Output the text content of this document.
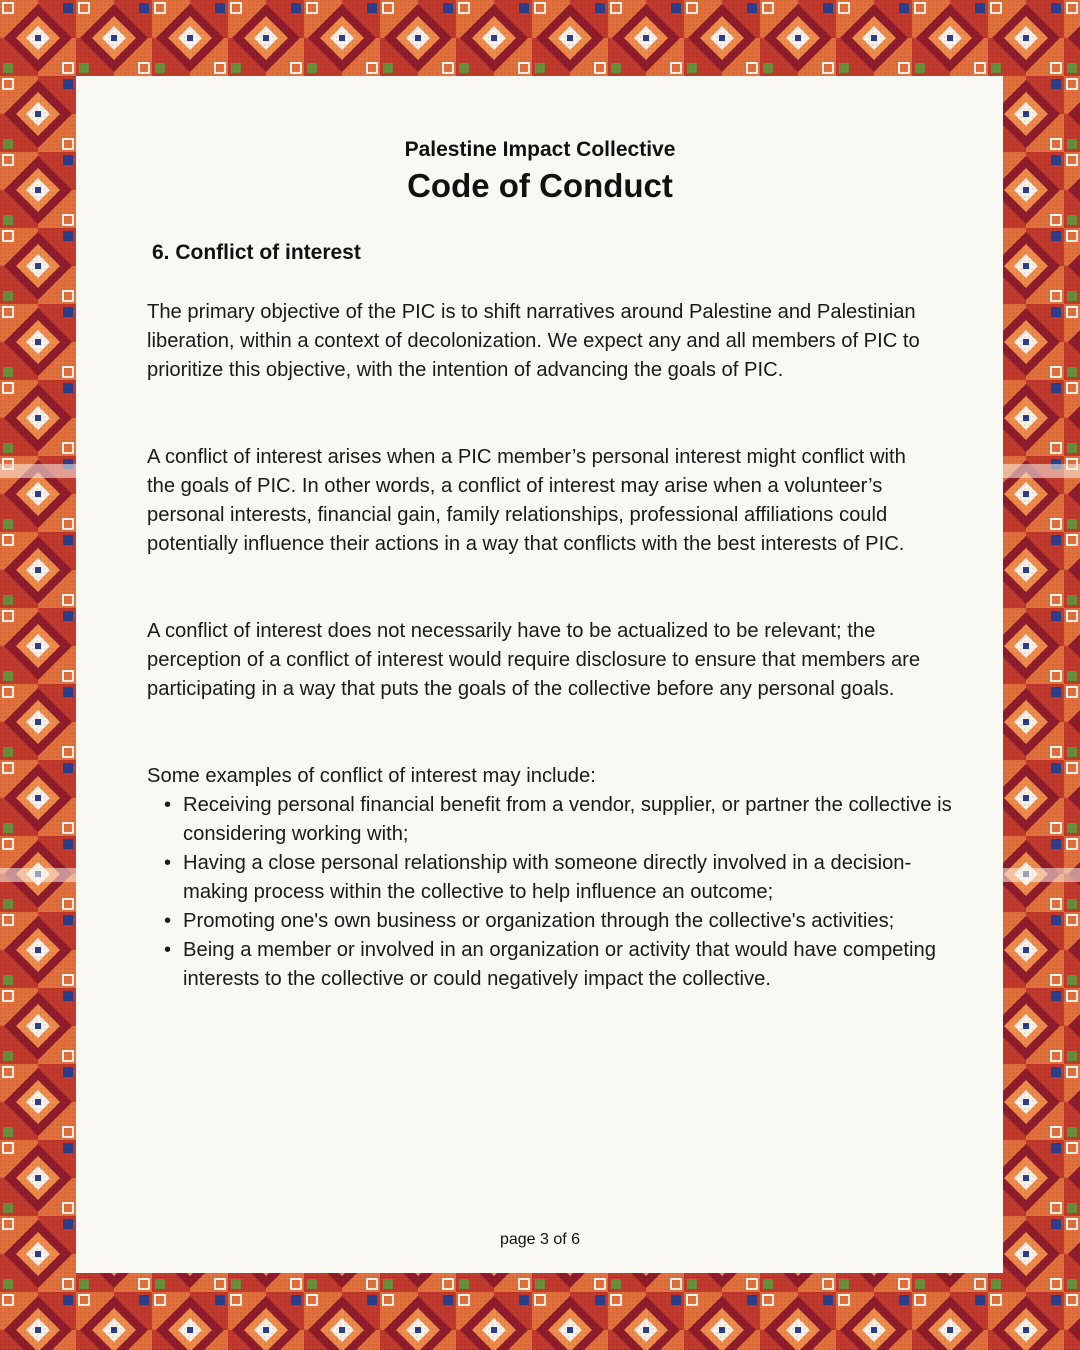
Palestine Impact Collective
Code of Conduct
6. Conflict of interest

The primary objective of the PIC is to shift narratives around Palestine and Palestinian liberation, within a context of decolonization. We expect any and all members of PIC to prioritize this objective, with the intention of advancing the goals of PIC.

A conflict of interest arises when a PIC member’s personal interest might conflict with the goals of PIC. In other words, a conflict of interest may arise when a volunteer’s personal interests, financial gain, family relationships, professional affiliations could potentially influence their actions in a way that conflicts with the best interests of PIC.

A conflict of interest does not necessarily have to be actualized to be relevant; the perception of a conflict of interest would require disclosure to ensure that members are participating in a way that puts the goals of the collective before any personal goals.

Some examples of conflict of interest may include:

• Receiving personal financial benefit from a vendor, supplier, or partner the collective is considering working with;
• Having a close personal relationship with someone directly involved in a decision-making process within the collective to help influence an outcome;
• Promoting one's own business or organization through the collective's activities;
• Being a member or involved in an organization or activity that would have competing interests to the collective or could negatively impact the collective.
page 3 of 6
